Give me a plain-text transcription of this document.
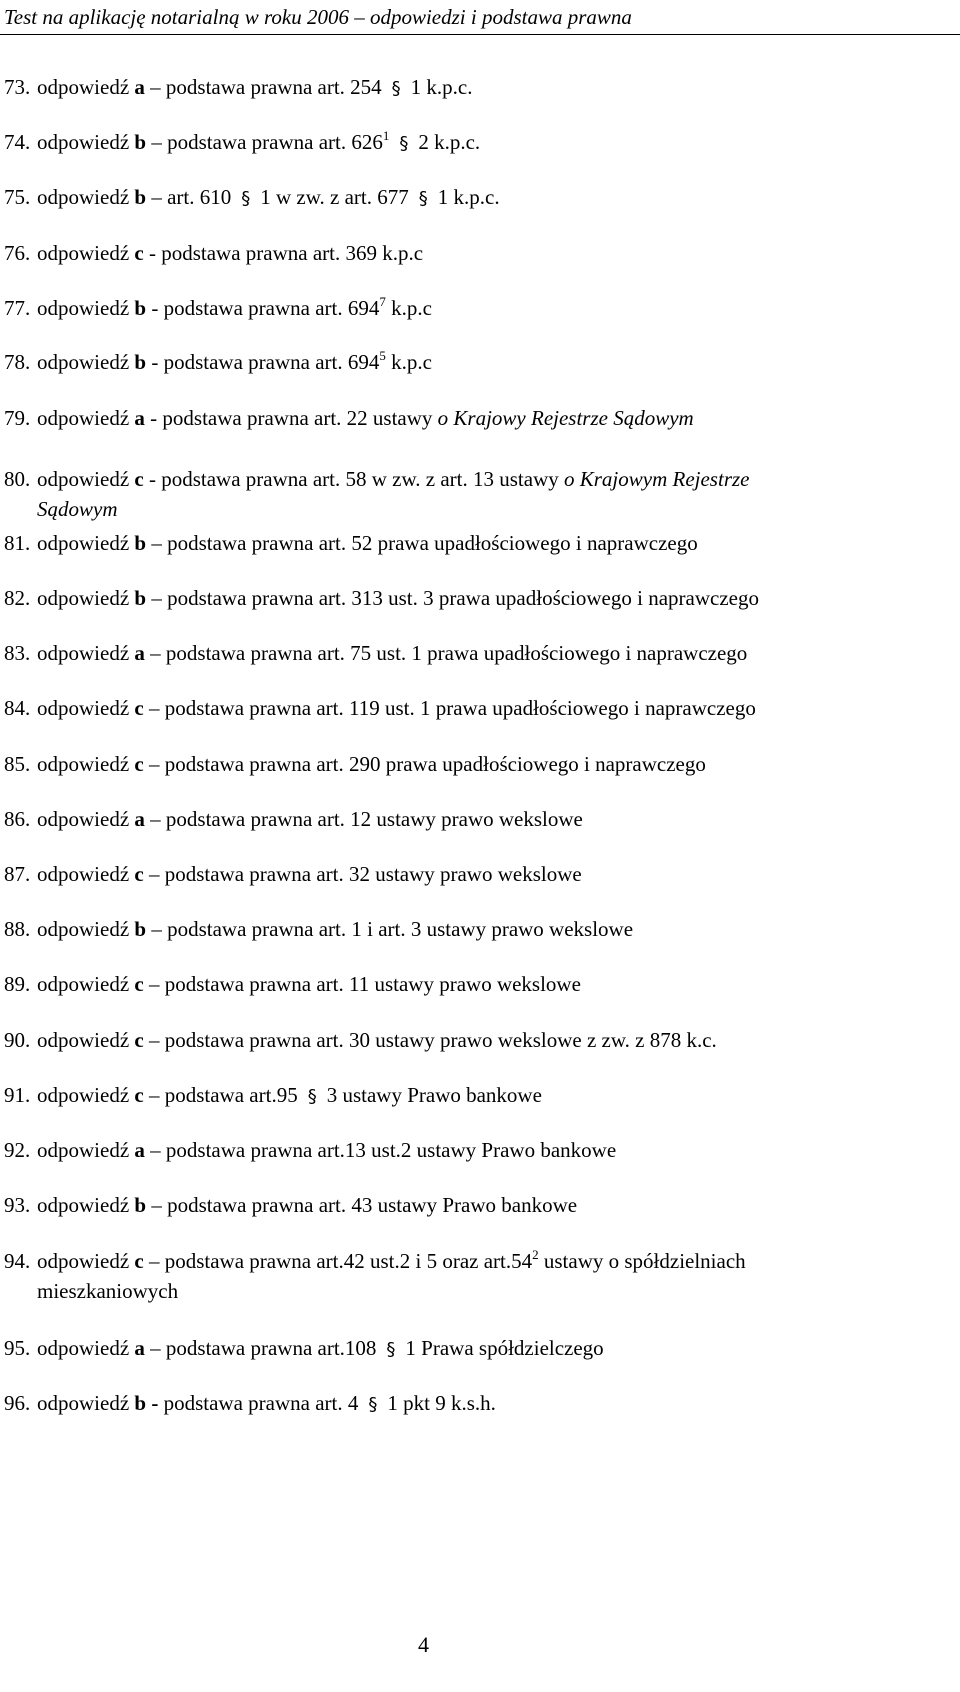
Test na aplikację notarialną w roku 2006 – odpowiedzi i podstawa prawna
73. odpowiedź a – podstawa prawna art. 254 § 1 k.p.c.
74. odpowiedź b – podstawa prawna art. $626^1$ § 2 k.p.c.
75. odpowiedź b – art. 610 § 1 w zw. z art. 677 § 1 k.p.c.
76. odpowiedź c - podstawa prawna art. 369 k.p.c
77. odpowiedź b - podstawa prawna art. $694^7$ k.p.c
78. odpowiedź b - podstawa prawna art. $694^5$ k.p.c
79. odpowiedź a - podstawa prawna art. 22 ustawy o Krajowy Rejestrze Sądowym
80. odpowiedź c - podstawa prawna art. 58 w zw. z art. 13 ustawy o Krajowym Rejestrze
Sądowym
81. odpowiedź b – podstawa prawna art. 52 prawa upadłościowego i naprawczego
82. odpowiedź b – podstawa prawna art. 313 ust. 3 prawa upadłościowego i naprawczego
83. odpowiedź a – podstawa prawna art. 75 ust. 1 prawa upadłościowego i naprawczego
84. odpowiedź c – podstawa prawna art. 119 ust. 1 prawa upadłościowego i naprawczego
85. odpowiedź c – podstawa prawna art. 290 prawa upadłościowego i naprawczego
86. odpowiedź a – podstawa prawna art. 12 ustawy prawo wekslowe
87. odpowiedź c – podstawa prawna art. 32 ustawy prawo wekslowe
88. odpowiedź b – podstawa prawna art. 1 i art. 3 ustawy prawo wekslowe
89. odpowiedź c – podstawa prawna art. 11 ustawy prawo wekslowe
90. odpowiedź c – podstawa prawna art. 30 ustawy prawo wekslowe z zw. z 878 k.c.
91. odpowiedź c – podstawa art.95 § 3 ustawy Prawo bankowe
92. odpowiedź a – podstawa prawna art.13 ust.2 ustawy Prawo bankowe
93. odpowiedź b – podstawa prawna art. 43 ustawy Prawo bankowe
94. odpowiedź c – podstawa prawna art.42 ust.2 i 5 oraz $art.54^2$ ustawy o spółdzielniach
mieszkaniowych
95. odpowiedź a – podstawa prawna art.108 § 1 Prawa spółdzielczego
96. odpowiedź b - podstawa prawna art. 4 § 1 pkt 9 k.s.h.
4
